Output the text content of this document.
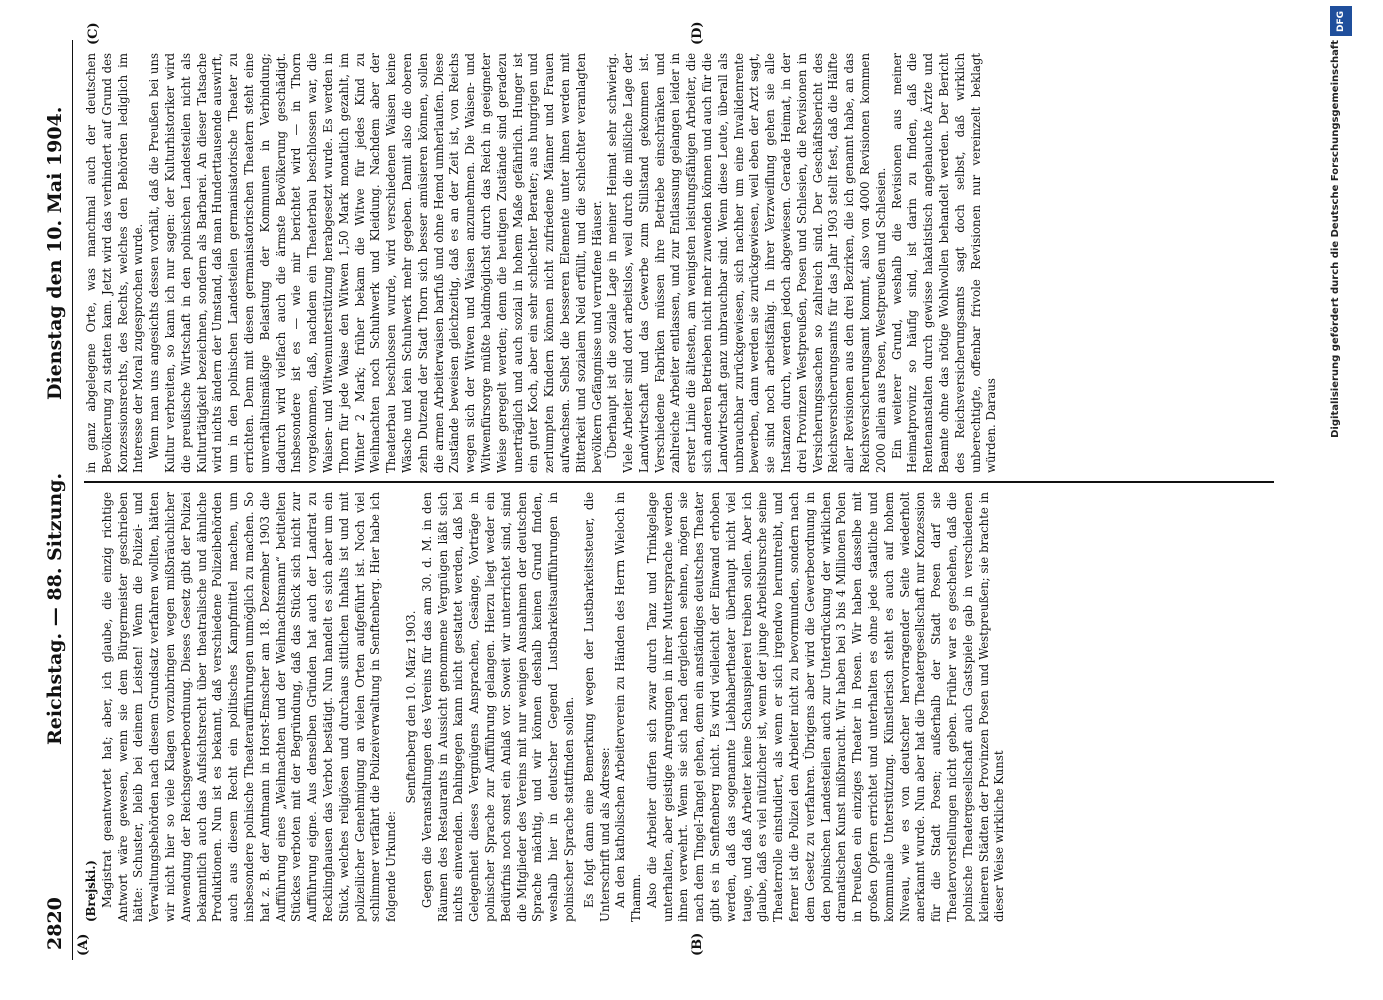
2820
Reichstag. — 88. Sitzung.
Dienstag den 10. Mai 1904.
(A)	(B)
(C)	(D)

(Brejski.) Magistrat geantwortet hat; aber, ich glaube, die einzig richtige Antwort wäre gewesen, wenn sie dem Bürgermeister geschrieben hätte: Schuster, bleib bei deinem Leisten! Wenn die Polizei- und Verwaltungsbehörden nach diesem Grundsatz verfahren wollten, hätten wir nicht hier so viele Klagen vorzubringen wegen mißbräuchlicher Anwendung der Reichsgewerbeordnung. Dieses Gesetz gibt der Polizei bekanntlich auch das Aufsichtsrecht über theatralische und ähnliche Produktionen. Nun ist es bekannt, daß verschiedene Polizeibehörden auch aus diesem Recht ein politisches Kampfmittel machen, um insbesondere polnische Theateraufführungen unmöglich zu machen. So hat z. B. der Amtmann in Horst-Emscher am 18. Dezember 1903 die Aufführung eines „Weihnachten und der Weihnachtsmann“ betitelten Stückes verboten mit der Begründung, daß das Stück sich nicht zur Aufführung eigne. Aus denselben Gründen hat auch der Landrat zu Recklinghausen das Verbot bestätigt. Nun handelt es sich aber um ein Stück, welches religiösen und durchaus sittlichen Inhalts ist und mit polizeilicher Genehmigung an vielen Orten aufgeführt ist. Noch viel schlimmer verfährt die Polizeiverwaltung in Senftenberg. Hier habe ich folgende Urkunde:

Senftenberg den 10. März 1903. Gegen die Veranstaltungen des Vereins für das am 30. d. M. in den Räumen des Restaurants in Aussicht genommene Vergnügen läßt sich nichts einwenden. Dahingegen kann nicht gestattet werden, daß bei Gelegenheit dieses Vergnügens Ansprachen, Gesänge, Vorträge in polnischer Sprache zur Aufführung gelangen. Hierzu liegt weder ein Bedürfnis noch sonst ein Anlaß vor. Soweit wir unterrichtet sind, sind die Mitglieder des Vereins mit nur wenigen Ausnahmen der deutschen Sprache mächtig, und wir können deshalb keinen Grund finden, weshalb hier in deutscher Gegend Lustbarkeitsaufführungen in polnischer Sprache stattfinden sollen. Es folgt dann eine Bemerkung wegen der Lustbarkeitssteuer, die Unterschrift und als Adresse: An den katholischen Arbeiterverein zu Händen des Herrn Wieloch in Thamm. Also die Arbeiter dürfen sich zwar durch Tanz und Trinkgelage unterhalten, aber geistige Anregungen in ihrer Muttersprache werden ihnen verwehrt. Wenn sie sich nach dergleichen sehnen, mögen sie nach dem Tingel-Tangel gehen, denn ein anständiges deutsches Theater gibt es in Senftenberg nicht. Es wird vielleicht der Einwand erhoben werden, daß das sogenannte Liebhabertheater überhaupt nicht viel tauge, und daß Arbeiter keine Schauspielerei treiben sollen. Aber ich glaube, daß es viel nützlicher ist, wenn der junge Arbeitsbursche seine Theaterrolle einstudiert, als wenn er sich irgendwo herumtreibt, und ferner ist die Polizei den Arbeiter nicht zu bevormunden, sondern nach dem Gesetz zu verfahren. Übrigens aber wird die Gewerbeordnung in den polnischen Landesteilen auch zur Unterdrückung der wirklichen dramatischen Kunst mißbraucht. Wir haben bei 3 bis 4 Millionen Polen in Preußen ein einziges Theater in Posen. Wir haben dasselbe mit großen Opfern errichtet und unterhalten es ohne jede staatliche und kommunale Unterstützung. Künstlerisch steht es auch auf hohem Niveau, wie es von deutscher hervorragender Seite wiederholt anerkannt wurde. Nun aber hat die Theatergesellschaft nur Konzession für die Stadt Posen; außerhalb der Stadt Posen darf sie Theatervorstellungen nicht geben. Früher war es geschehen, daß die polnische Theatergesellschaft auch Gastspiele gab in verschiedenen kleineren Städten der Provinzen Posen und Westpreußen; sie brachte in dieser Weise wirkliche Kunst

in ganz abgelegene Orte, was manchmal auch der deutschen Bevölkerung zu statten kam. Jetzt wird das verhindert auf Grund des Konzessionsrechts, des Rechts, welches den Behörden lediglich im Interesse der Moral zugesprochen wurde. Wenn man uns angesichts dessen vorhält, daß die Preußen bei uns Kultur verbreiten, so kann ich nur sagen: der Kulturhistoriker wird die preußische Wirtschaft in den polnischen Landesteilen nicht als Kulturtätigkeit bezeichnen, sondern als Barbarei. An dieser Tatsache wird nichts ändern der Umstand, daß man Hunderttausende auswirft, um in den polnischen Landesteilen germanisatorische Theater zu errichten. Denn mit diesen germanisatorischen Theatern steht eine unverhältnismäßige Belastung der Kommunen in Verbindung; dadurch wird vielfach auch die ärmste Bevölkerung geschädigt. Insbesondere ist es — wie mir berichtet wird — in Thorn vorgekommen, daß, nachdem ein Theaterbau beschlossen war, die Waisen- und Witwenunterstützung herabgesetzt wurde. Es werden in Thorn für jede Waise den Witwen 1,50 Mark monatlich gezahlt, im Winter 2 Mark; früher bekam die Witwe für jedes Kind zu Weihnachten noch Schuhwerk und Kleidung. Nachdem aber der Theaterbau beschlossen wurde, wird verschiedenen Waisen keine Wäsche und kein Schuhwerk mehr gegeben. Damit also die oberen zehn Dutzend der Stadt Thorn sich besser amüsieren können, sollen die armen Arbeiterwaisen barfuß und ohne Hemd umherlaufen. Diese Zustände beweisen gleichzeitig, daß es an der Zeit ist, von Reichs wegen sich der Witwen und Waisen anzunehmen. Die Waisen- und Witwenfürsorge müßte baldmöglichst durch das Reich in geeigneter Weise geregelt werden; denn die heutigen Zustände sind geradezu unerträglich und auch sozial in hohem Maße gefährlich. Hunger ist ein guter Koch, aber ein sehr schlechter Berater; aus hungrigen und zerlumpten Kindern können nicht zufriedene Männer und Frauen aufwachsen. Selbst die besseren Elemente unter ihnen werden mit Bitterkeit und sozialem Neid erfüllt, und die schlechter veranlagten bevölkern Gefängnisse und verrufene Häuser. Überhaupt ist die soziale Lage in meiner Heimat sehr schwierig. Viele Arbeiter sind dort arbeitslos, weil durch die mißliche Lage der Landwirtschaft und das Gewerbe zum Stillstand gekommen ist. Verschiedene Fabriken müssen ihre Betriebe einschränken und zahlreiche Arbeiter entlassen, und zur Entlassung gelangen leider in erster Linie die ältesten, am wenigsten leistungsfähigen Arbeiter, die sich anderen Betrieben nicht mehr zuwenden können und auch für die Landwirtschaft ganz unbrauchbar sind. Wenn diese Leute, überall als unbrauchbar zurückgewiesen, sich nachher um eine Invalidenrente bewerben, dann werden sie zurückgewiesen, weil eben der Arzt sagt, sie sind noch arbeitsfähig. In ihrer Verzweiflung gehen sie alle Instanzen durch, werden jedoch abgewiesen. Gerade Heimat, in der drei Provinzen Westpreußen, Posen und Schlesien, die Revisionen in Versicherungssachen so zahlreich sind. Der Geschäftsbericht des Reichsversicherungsamts für das Jahr 1903 stellt fest, daß die Hälfte aller Revisionen aus den drei Bezirken, die ich genannt habe, an das Reichsversicherungsamt kommt, also von 4000 Revisionen kommen 2000 allein aus Posen, Westpreußen und Schlesien. Ein weiterer Grund, weshalb die Revisionen aus meiner Heimatprovinz so häufig sind, ist darin zu finden, daß die Rentenanstalten durch gewisse hakatistisch angehauchte Ärzte und Beamte ohne das nötige Wohlwollen behandelt werden. Der Bericht des Reichsversicherungsamts sagt doch selbst, daß wirklich unberechtigte, offenbar frivole Revisionen nur vereinzelt beklagt würden. Daraus

DFG
Digitalisierung gefördert durch die Deutsche Forschungsgemeinschaft
